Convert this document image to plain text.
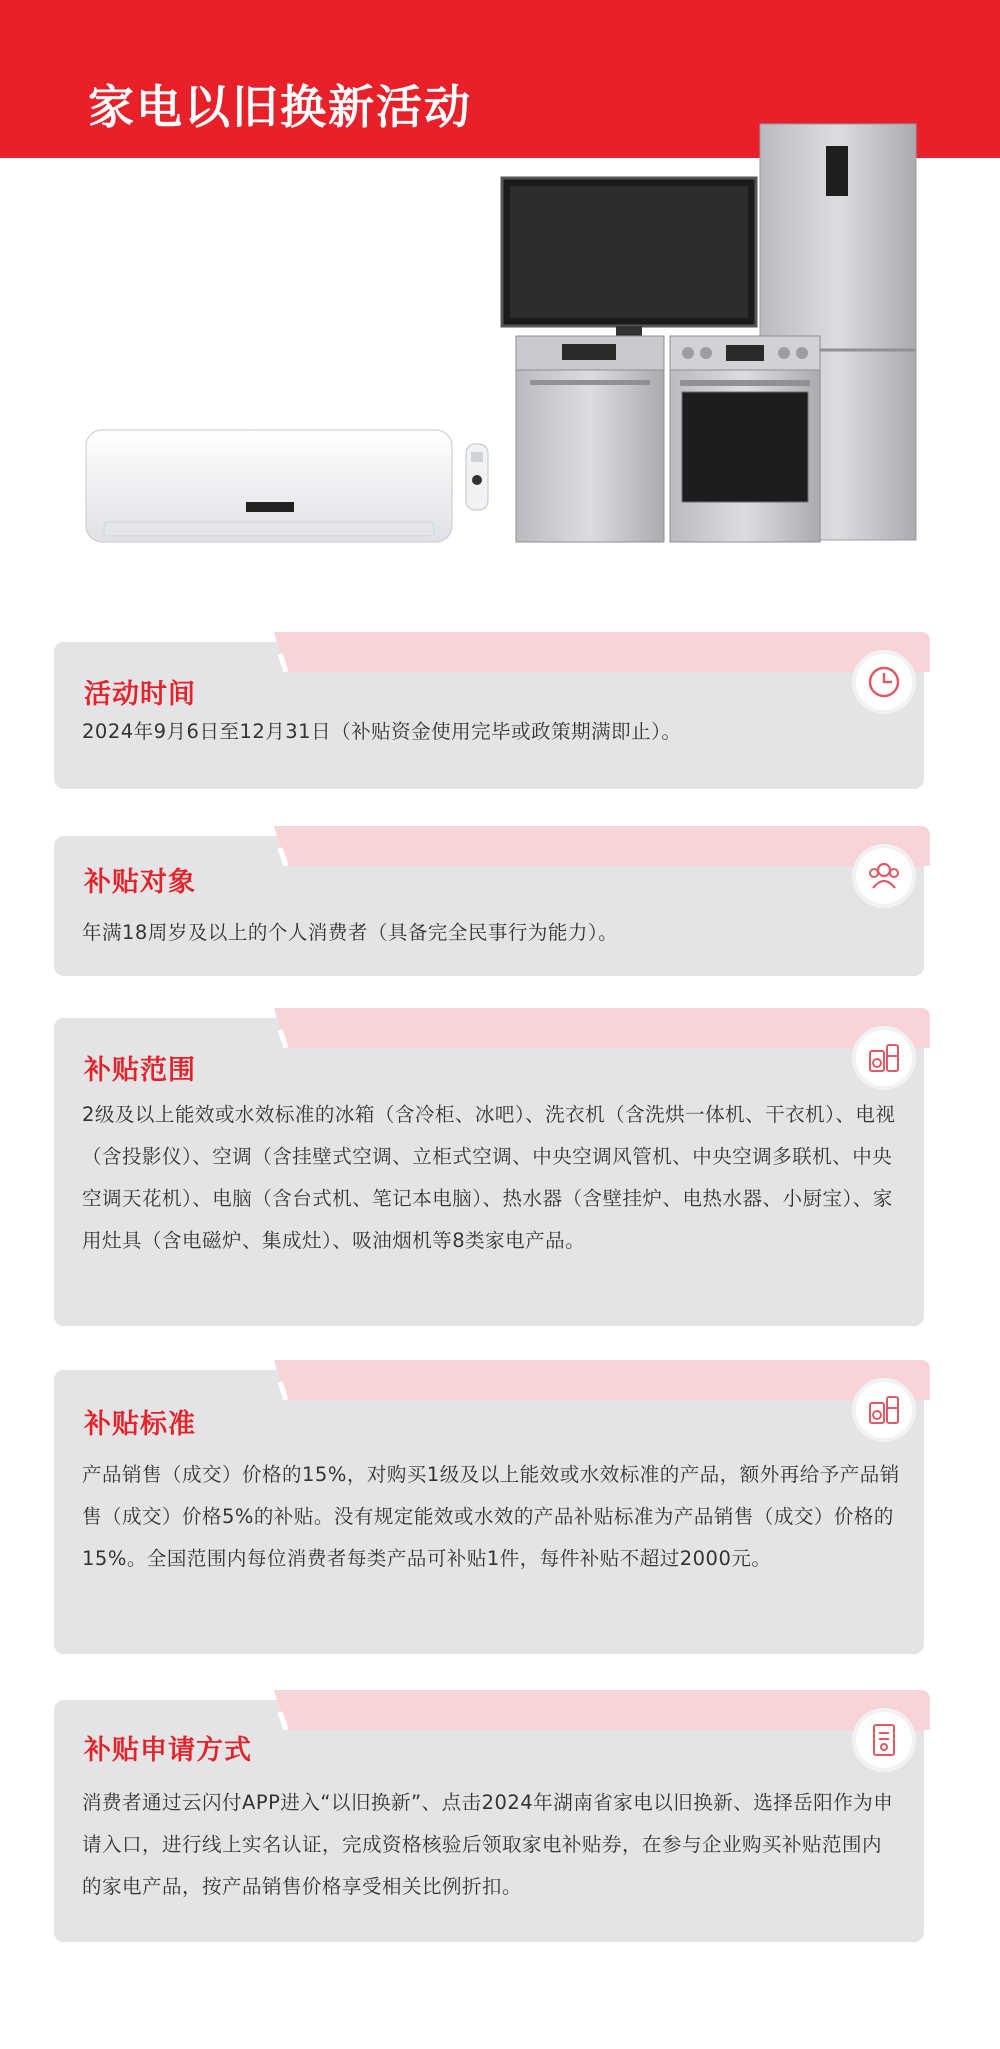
家电以旧换新活动
活动时间
2024年9月6日至12月31日（补贴资金使用完毕或政策期满即止）。
补贴对象
年满18周岁及以上的个人消费者（具备完全民事行为能力）。
补贴范围
2级及以上能效或水效标准的冰箱（含冷柜、冰吧）、洗衣机（含洗烘一体机、干衣机）、电视（含投影仪）、空调（含挂壁式空调、立柜式空调、中央空调风管机、中央空调多联机、中央空调天花机）、电脑（含台式机、笔记本电脑）、热水器（含壁挂炉、电热水器、小厨宝）、家用灶具（含电磁炉、集成灶）、吸油烟机等8类家电产品。
补贴标准
产品销售（成交）价格的15%，对购买1级及以上能效或水效标准的产品，额外再给予产品销售（成交）价格5%的补贴。没有规定能效或水效的产品补贴标准为产品销售（成交）价格的15%。全国范围内每位消费者每类产品可补贴1件，每件补贴不超过2000元。
补贴申请方式
消费者通过云闪付APP进入“以旧换新”、点击2024年湖南省家电以旧换新、选择岳阳作为申请入口，进行线上实名认证，完成资格核验后领取家电补贴券，在参与企业购买补贴范围内的家电产品，按产品销售价格享受相关比例折扣。
